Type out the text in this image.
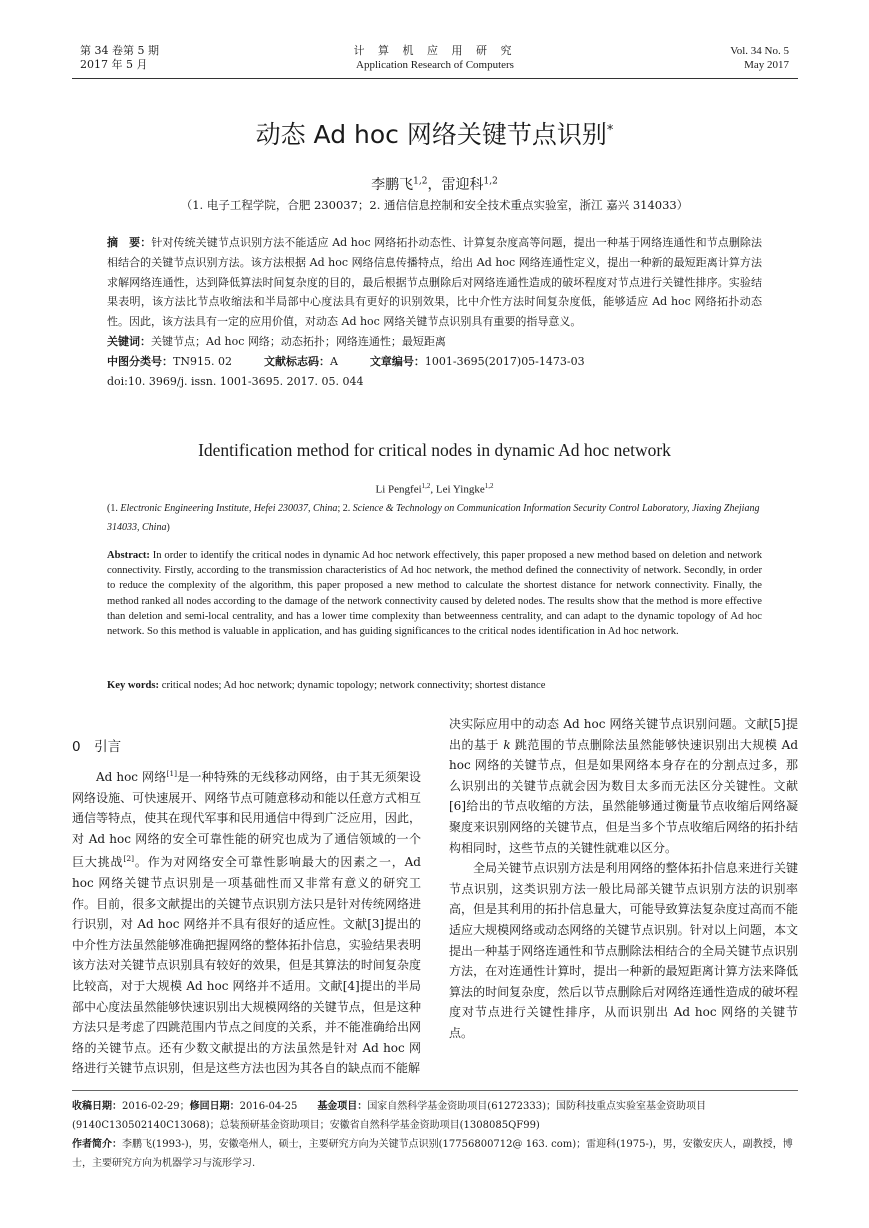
第 34 卷第 5 期
2017 年 5 月
计 算 机 应 用 研 究
Application Research of Computers
Vol. 34 No. 5
May 2017
动态 Ad hoc 网络关键节点识别*
李鹏飞$^{1,2}$，雷迎科$^{1,2}$
（1. 电子工程学院，合肥 230037；2. 通信信息控制和安全技术重点实验室，浙江 嘉兴 314033）
摘　要：针对传统关键节点识别方法不能适应 Ad hoc 网络拓扑动态性、计算复杂度高等问题，提出一种基于网络连通性和节点删除法相结合的关键节点识别方法。该方法根据 Ad hoc 网络信息传播特点，给出 Ad hoc 网络连通性定义，提出一种新的最短距离计算方法求解网络连通性，达到降低算法时间复杂度的目的，最后根据节点删除后对网络连通性造成的破坏程度对节点进行关键性排序。实验结果表明，该方法比节点收缩法和半局部中心度法具有更好的识别效果，比中介性方法时间复杂度低，能够适应 Ad hoc 网络拓扑动态性。因此，该方法具有一定的应用价值，对动态 Ad hoc 网络关键节点识别具有重要的指导意义。
关键词：关键节点；Ad hoc 网络；动态拓扑；网络连通性；最短距离
中图分类号：TN915. 02	文献标志码：A	文章编号：1001-3695(2017)05-1473-03
doi:10. 3969/j. issn. 1001-3695. 2017. 05. 044
Identification method for critical nodes in dynamic Ad hoc network
Li Pengfei$^{1,2}$, Lei Yingke$^{1,2}$
(1. Electronic Engineering Institute, Hefei 230037, China; 2. Science & Technology on Communication Information Security Control Laboratory, Jiaxing Zhejiang 314033, China)
Abstract: In order to identify the critical nodes in dynamic Ad hoc network effectively, this paper proposed a new method based on deletion and network connectivity. Firstly, according to the transmission characteristics of Ad hoc network, the method defined the connectivity of network. Secondly, in order to reduce the complexity of the algorithm, this paper proposed a new method to calculate the shortest distance for network connectivity. Finally, the method ranked all nodes according to the damage of the network connectivity caused by deleted nodes. The results show that the method is more effective than deletion and semi-local centrality, and has a lower time complexity than betweenness centrality, and can adapt to the dynamic topology of Ad hoc network. So this method is valuable in application, and has guiding significances to the critical nodes identification in Ad hoc network.
Key words: critical nodes; Ad hoc network; dynamic topology; network connectivity; shortest distance
0　引言
Ad hoc 网络[1]是一种特殊的无线移动网络，由于其无须架设网络设施、可快速展开、网络节点可随意移动和能以任意方式相互通信等特点，使其在现代军事和民用通信中得到广泛应用，因此，对 Ad hoc 网络的安全可靠性能的研究也成为了通信领域的一个巨大挑战[2]。作为对网络安全可靠性影响最大的因素之一，Ad hoc 网络关键节点识别是一项基础性而又非常有意义的研究工作。目前，很多文献提出的关键节点识别方法只是针对传统网络进行识别，对 Ad hoc 网络并不具有很好的适应性。文献[3]提出的中介性方法虽然能够准确把握网络的整体拓扑信息，实验结果表明该方法对关键节点识别具有较好的效果，但是其算法的时间复杂度比较高，对于大规模 Ad hoc 网络并不适用。文献[4]提出的半局部中心度法虽然能够快速识别出大规模网络的关键节点，但是这种方法只是考虑了四跳范围内节点之间度的关系，并不能准确给出网络的关键节点。还有少数文献提出的方法虽然是针对 Ad hoc 网络进行关键节点识别，但是这些方法也因为其各自的缺点而不能解
决实际应用中的动态 Ad hoc 网络关键节点识别问题。文献[5]提出的基于 k 跳范围的节点删除法虽然能够快速识别出大规模 Ad hoc 网络的关键节点，但是如果网络本身存在的分割点过多，那么识别出的关键节点就会因为数目太多而无法区分关键性。文献[6]给出的节点收缩的方法，虽然能够通过衡量节点收缩后网络凝聚度来识别网络的关键节点，但是当多个节点收缩后网络的拓扑结构相同时，这些节点的关键性就难以区分。
全局关键节点识别方法是利用网络的整体拓扑信息来进行关键节点识别，这类识别方法一般比局部关键节点识别方法的识别率高，但是其利用的拓扑信息量大，可能导致算法复杂度过高而不能适应大规模网络或动态网络的关键节点识别。针对以上问题，本文提出一种基于网络连通性和节点删除法相结合的全局关键节点识别方法，在对连通性计算时，提出一种新的最短距离计算方法来降低算法的时间复杂度，然后以节点删除后对网络连通性造成的破坏程度对节点进行关键性排序，从而识别出 Ad hoc 网络的关键节点。
收稿日期：2016-02-29；修回日期：2016-04-25　　 基金项目：国家自然科学基金资助项目(61272333)；国防科技重点实验室基金资助项目(9140C130502140C13068)；总装预研基金资助项目；安徽省自然科学基金资助项目(1308085QF99)
作者简介：李鹏飞(1993-)，男，安徽亳州人，硕士，主要研究方向为关键节点识别(17756800712@ 163. com)；雷迎科(1975-)，男，安徽安庆人，副教授，博士，主要研究方向为机器学习与流形学习.
